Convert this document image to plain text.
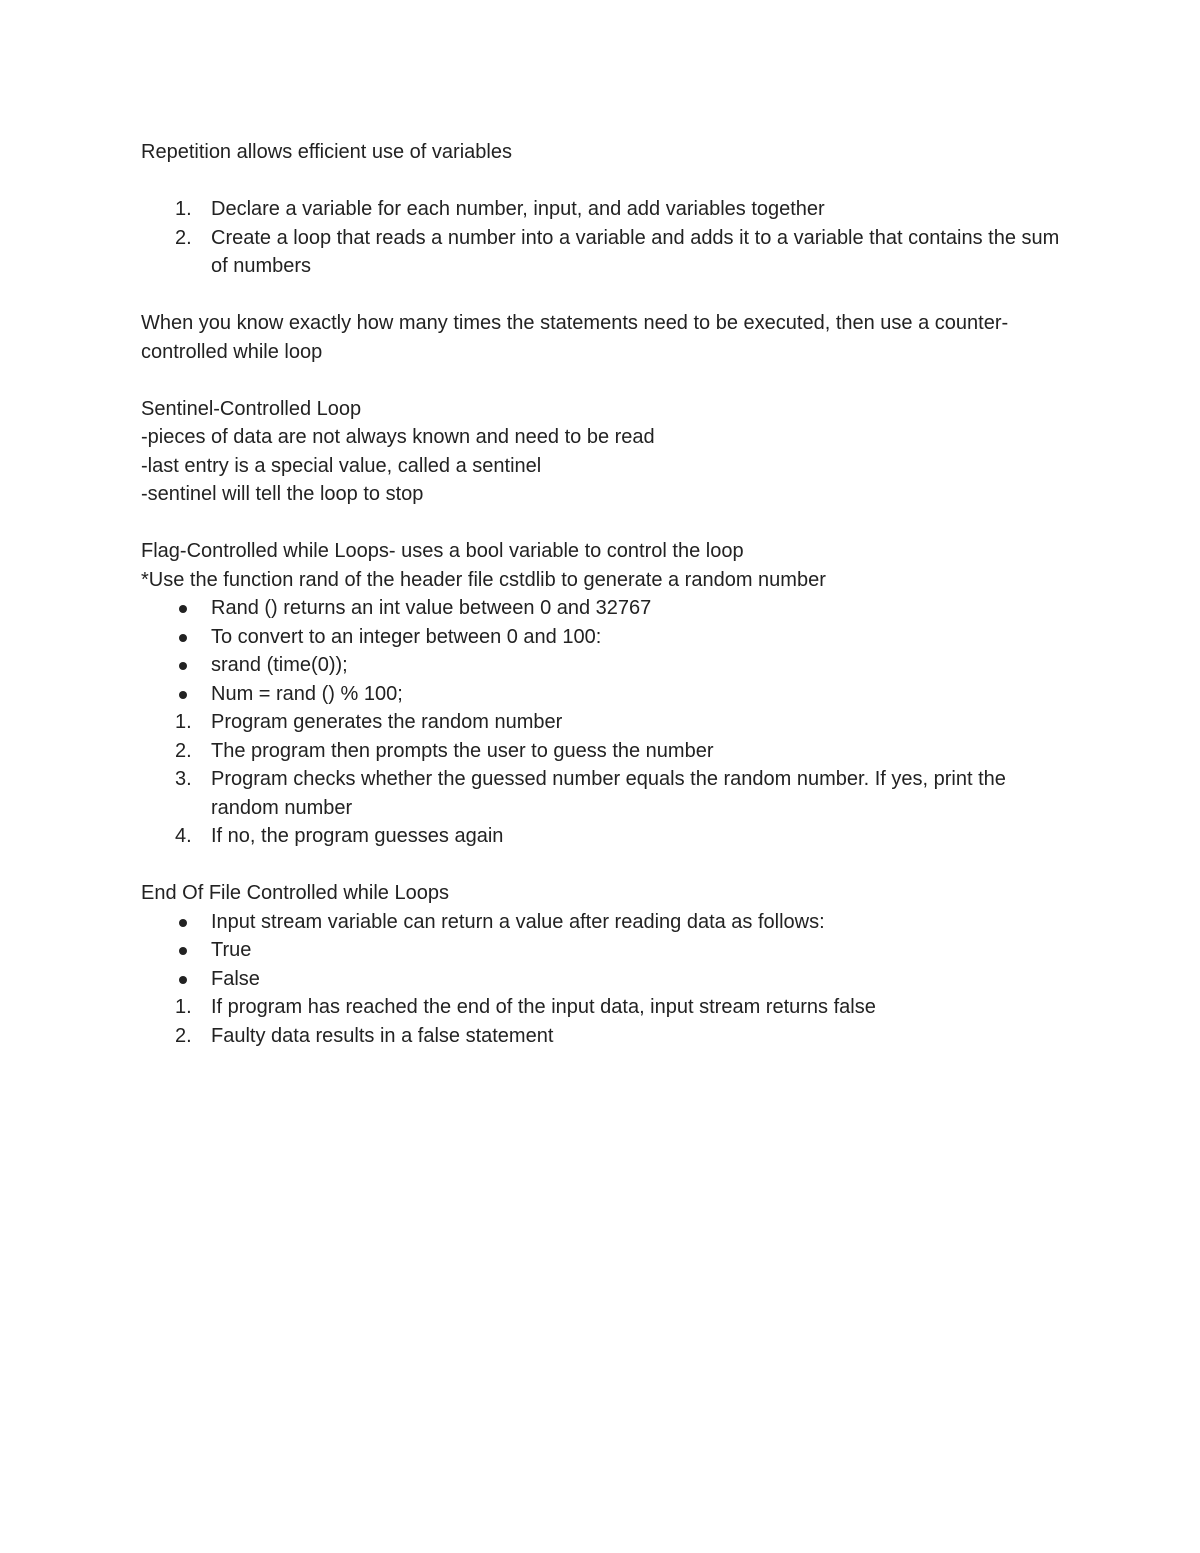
Repetition allows efficient use of variables

1. Declare a variable for each number, input, and add variables together
2. Create a loop that reads a number into a variable and adds it to a variable that contains the sum of numbers

When you know exactly how many times the statements need to be executed, then use a counter-controlled while loop

Sentinel-Controlled Loop

-pieces of data are not always known and need to be read

-last entry is a special value, called a sentinel

-sentinel will tell the loop to stop

Flag-Controlled while Loops- uses a bool variable to control the loop

*Use the function rand of the header file cstdlib to generate a random number

Rand () returns an int value between 0 and 32767
To convert to an integer between 0 and 100:
srand (time(0));
Num = rand () % 100;
1. Program generates the random number
2. The program then prompts the user to guess the number
3. Program checks whether the guessed number equals the random number. If yes, print the random number
4. If no, the program guesses again

End Of File Controlled while Loops

Input stream variable can return a value after reading data as follows:
True
False
1. If program has reached the end of the input data, input stream returns false
2. Faulty data results in a false statement
